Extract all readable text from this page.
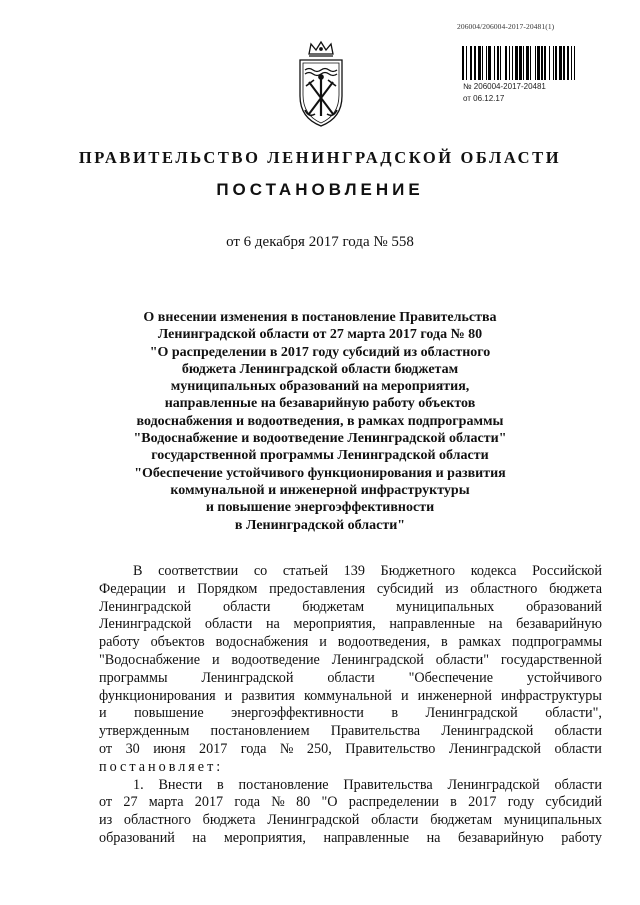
206004/206004-2017-20481(1)
№ 206004-2017-20481
от 06.12.17
ПРАВИТЕЛЬСТВО ЛЕНИНГРАДСКОЙ ОБЛАСТИ
ПОСТАНОВЛЕНИЕ
от 6 декабря 2017 года № 558
О внесении изменения в постановление Правительства
Ленинградской области от 27 марта 2017 года № 80
"О распределении в 2017 году субсидий из областного
бюджета Ленинградской области бюджетам
муниципальных образований на мероприятия,
направленные на безаварийную работу объектов
водоснабжения и водоотведения, в рамках подпрограммы
"Водоснабжение и водоотведение Ленинградской области"
государственной программы Ленинградской области
"Обеспечение устойчивого функционирования и развития
коммунальной и инженерной инфраструктуры
и повышение энергоэффективности
в Ленинградской области"
В соответствии со статьей 139 Бюджетного кодекса Российской
Федерации и Порядком предоставления субсидий из областного бюджета
Ленинградской области бюджетам муниципальных образований
Ленинградской области на мероприятия, направленные на безаварийную
работу объектов водоснабжения и водоотведения, в рамках подпрограммы
"Водоснабжение и водоотведение Ленинградской области" государственной
программы Ленинградской области "Обеспечение устойчивого
функционирования и развития коммунальной и инженерной инфраструктуры
и повышение энергоэффективности в Ленинградской области",
утвержденным постановлением Правительства Ленинградской области
от 30 июня 2017 года № 250, Правительство Ленинградской области
постановляет:
1. Внести в постановление Правительства Ленинградской области
от 27 марта 2017 года № 80 "О распределении в 2017 году субсидий
из областного бюджета Ленинградской области бюджетам муниципальных
образований на мероприятия, направленные на безаварийную работу
